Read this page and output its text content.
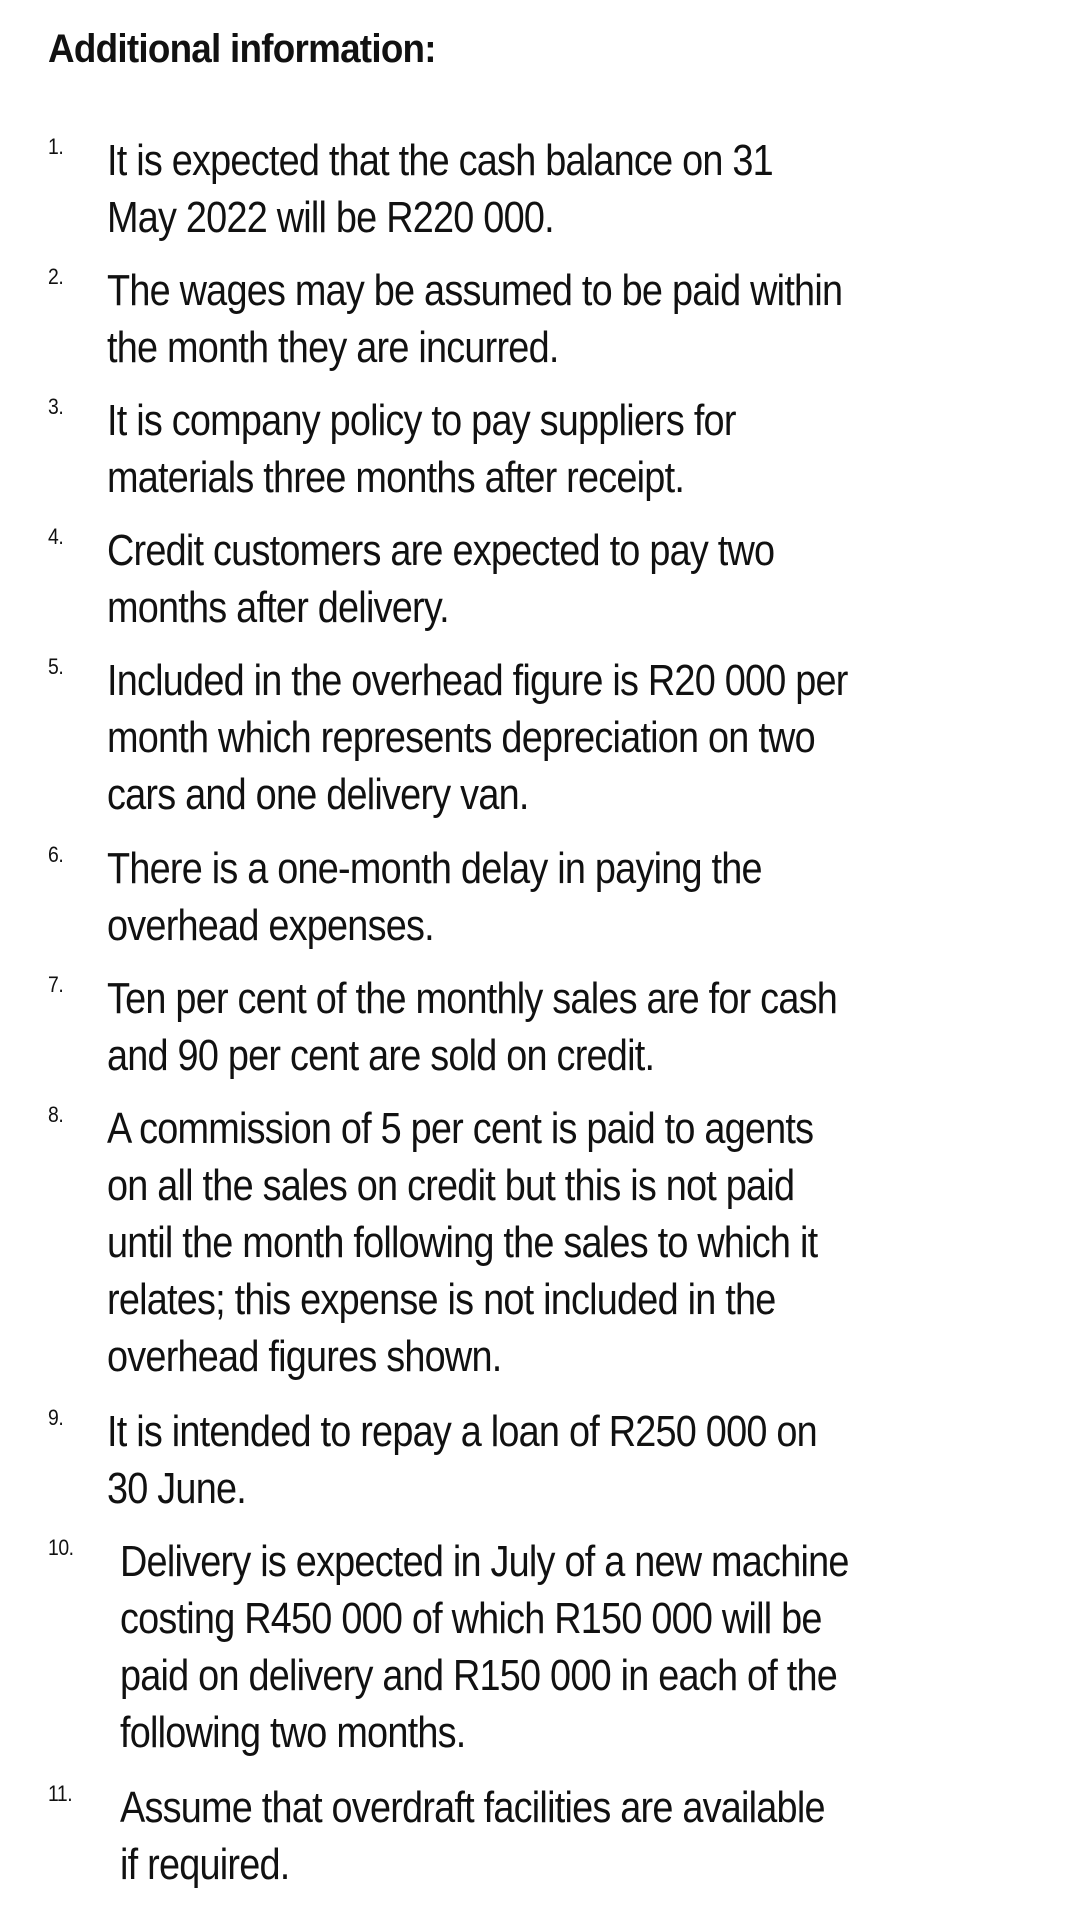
Additional information:
1. It is expected that the cash balance on 31 May 2022 will be R220 000.
2. The wages may be assumed to be paid within the month they are incurred.
3. It is company policy to pay suppliers for materials three months after receipt.
4. Credit customers are expected to pay two months after delivery.
5. Included in the overhead figure is R20 000 per month which represents depreciation on two cars and one delivery van.
6. There is a one-month delay in paying the overhead expenses.
7. Ten per cent of the monthly sales are for cash and 90 per cent are sold on credit.
8. A commission of 5 per cent is paid to agents on all the sales on credit but this is not paid until the month following the sales to which it relates; this expense is not included in the overhead figures shown.
9. It is intended to repay a loan of R250 000 on 30 June.
10. Delivery is expected in July of a new machine costing R450 000 of which R150 000 will be paid on delivery and R150 000 in each of the following two months.
11. Assume that overdraft facilities are available if required.
